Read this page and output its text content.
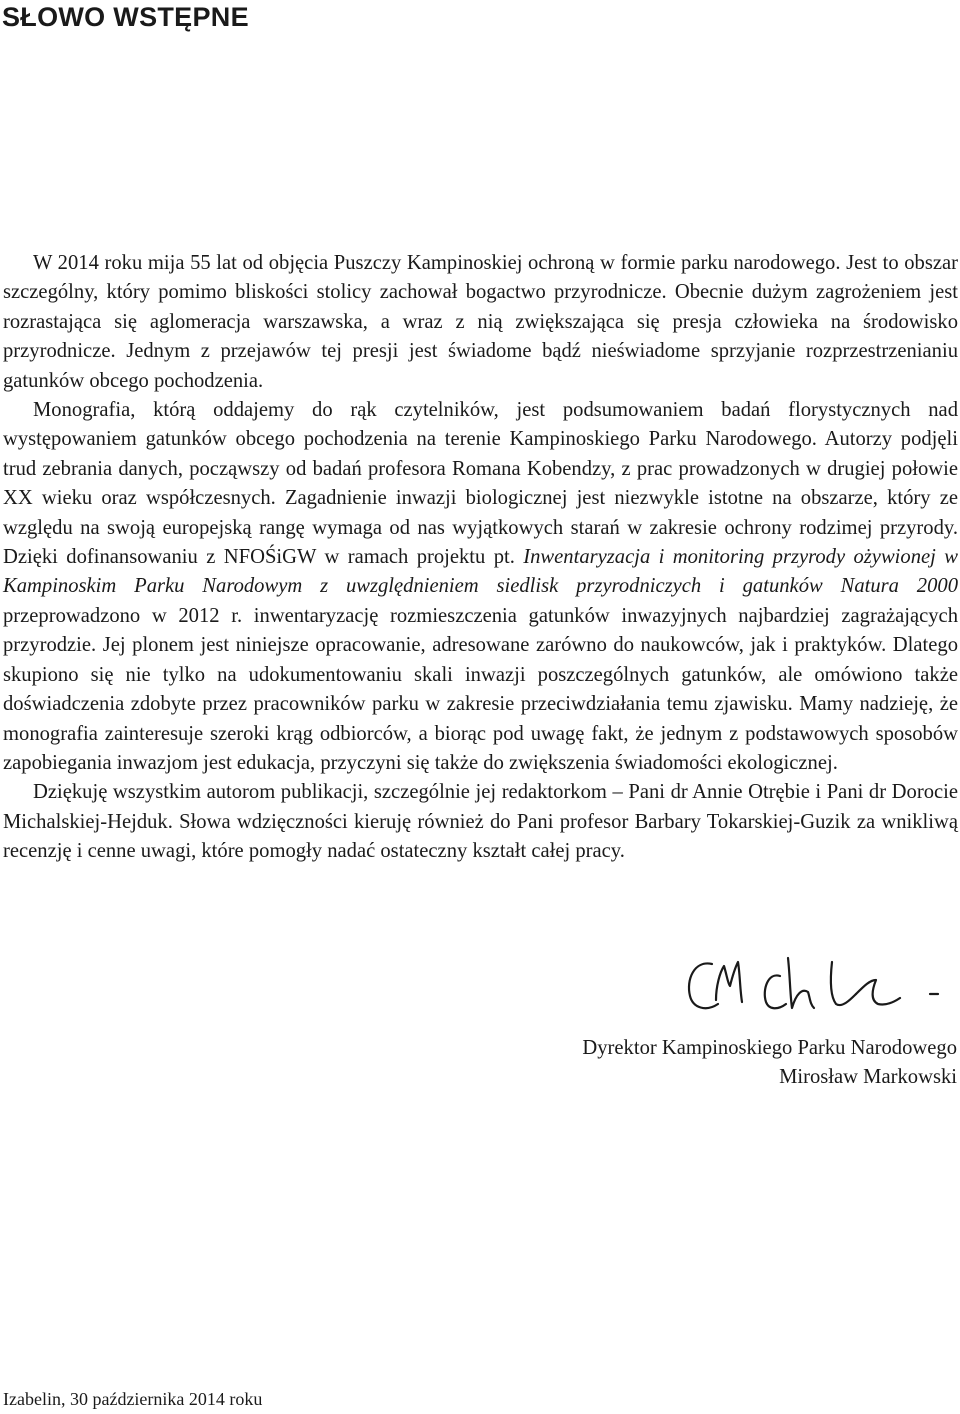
SŁOWO WSTĘPNE

W 2014 roku mija 55 lat od objęcia Puszczy Kampinoskiej ochroną w formie parku narodowego. Jest to obszar szczególny, który pomimo bliskości stolicy zachował bogactwo przyrodnicze. Obecnie dużym zagrożeniem jest rozrastająca się aglomeracja warszawska, a wraz z nią zwiększająca się presja człowieka na środowisko przyrodnicze. Jednym z przejawów tej presji jest świadome bądź nieświadome sprzyjanie rozprzestrzenianiu gatunków obcego pochodzenia.

Monografia, którą oddajemy do rąk czytelników, jest podsumowaniem badań florystycznych nad występowaniem gatunków obcego pochodzenia na terenie Kampinoskiego Parku Narodowego. Autorzy podjęli trud zebrania danych, począwszy od badań profesora Romana Kobendzy, z prac prowadzonych w drugiej połowie XX wieku oraz współczesnych. Zagadnienie inwazji biologicznej jest niezwykle istotne na obszarze, który ze względu na swoją europejską rangę wymaga od nas wyjątkowych starań w zakresie ochrony rodzimej przyrody. Dzięki dofinansowaniu z NFOŚiGW w ramach projektu pt. Inwentaryzacja i monitoring przyrody ożywionej w Kampinoskim Parku Narodowym z uwzględnieniem siedlisk przyrodniczych i gatunków Natura 2000 przeprowadzono w 2012 r. inwentaryzację rozmieszczenia gatunków inwazyjnych najbardziej zagrażających przyrodzie. Jej plonem jest niniejsze opracowanie, adresowane zarówno do naukowców, jak i praktyków. Dlatego skupiono się nie tylko na udokumentowaniu skali inwazji poszczególnych gatunków, ale omówiono także doświadczenia zdobyte przez pracowników parku w zakresie przeciwdziałania temu zjawisku. Mamy nadzieję, że monografia zainteresuje szeroki krąg odbiorców, a biorąc pod uwagę fakt, że jednym z podstawowych sposobów zapobiegania inwazjom jest edukacja, przyczyni się także do zwiększenia świadomości ekologicznej.

Dziękuję wszystkim autorom publikacji, szczególnie jej redaktorkom – Pani dr Annie Otrębie i Pani dr Dorocie Michalskiej-Hejduk. Słowa wdzięczności kieruję również do Pani profesor Barbary Tokarskiej-Guzik za wnikliwą recenzję i cenne uwagi, które pomogły nadać ostateczny kształt całej pracy.

Dyrektor Kampinoskiego Parku Narodowego
Mirosław Markowski
Izabelin, 30 października 2014 roku
